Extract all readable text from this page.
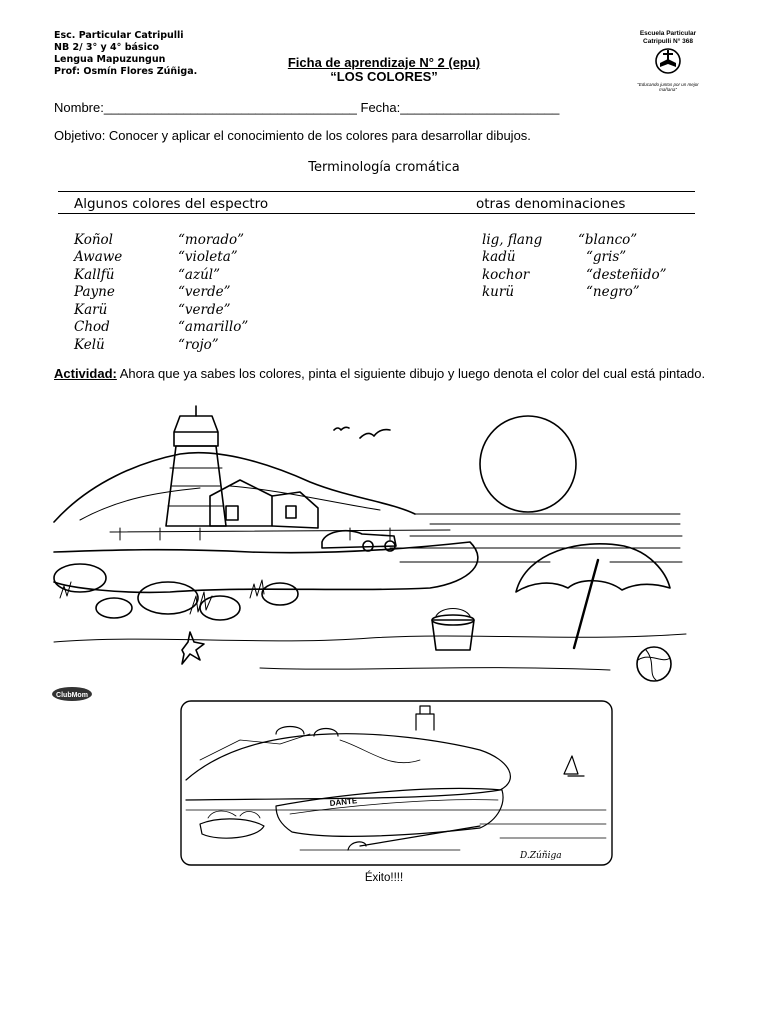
Esc. Particular Catripulli
NB 2/ 3° y 4° básico
Lengua Mapuzungun
Prof: Osmín Flores Zúñiga.
Ficha de aprendizaje N° 2 (epu)
“LOS COLORES”
Escuela Particular Catripulli N° 368
“Educando juntos por un mejor mañana”
Nombre:___________________________________ Fecha:______________________
Objetivo: Conocer y aplicar el conocimiento de los colores para desarrollar dibujos.
Terminología cromática
Algunos colores del espectro	otras denominaciones
Koñol	“morado”
Awawe	“violeta”
Kallfü	“azúl”
Payne	“verde”
Karü	“verde”
Chod	“amarillo”
Kelü	“rojo”
lig, flang	“blanco”
kadü	“gris”
kochor	“desteñido”
kurü	“negro”
Actividad: Ahora que ya sabes los colores, pinta el siguiente dibujo y luego denota el color del cual está pintado.
ClubMom
DANTE
D.Zúñiga
Éxito!!!!
